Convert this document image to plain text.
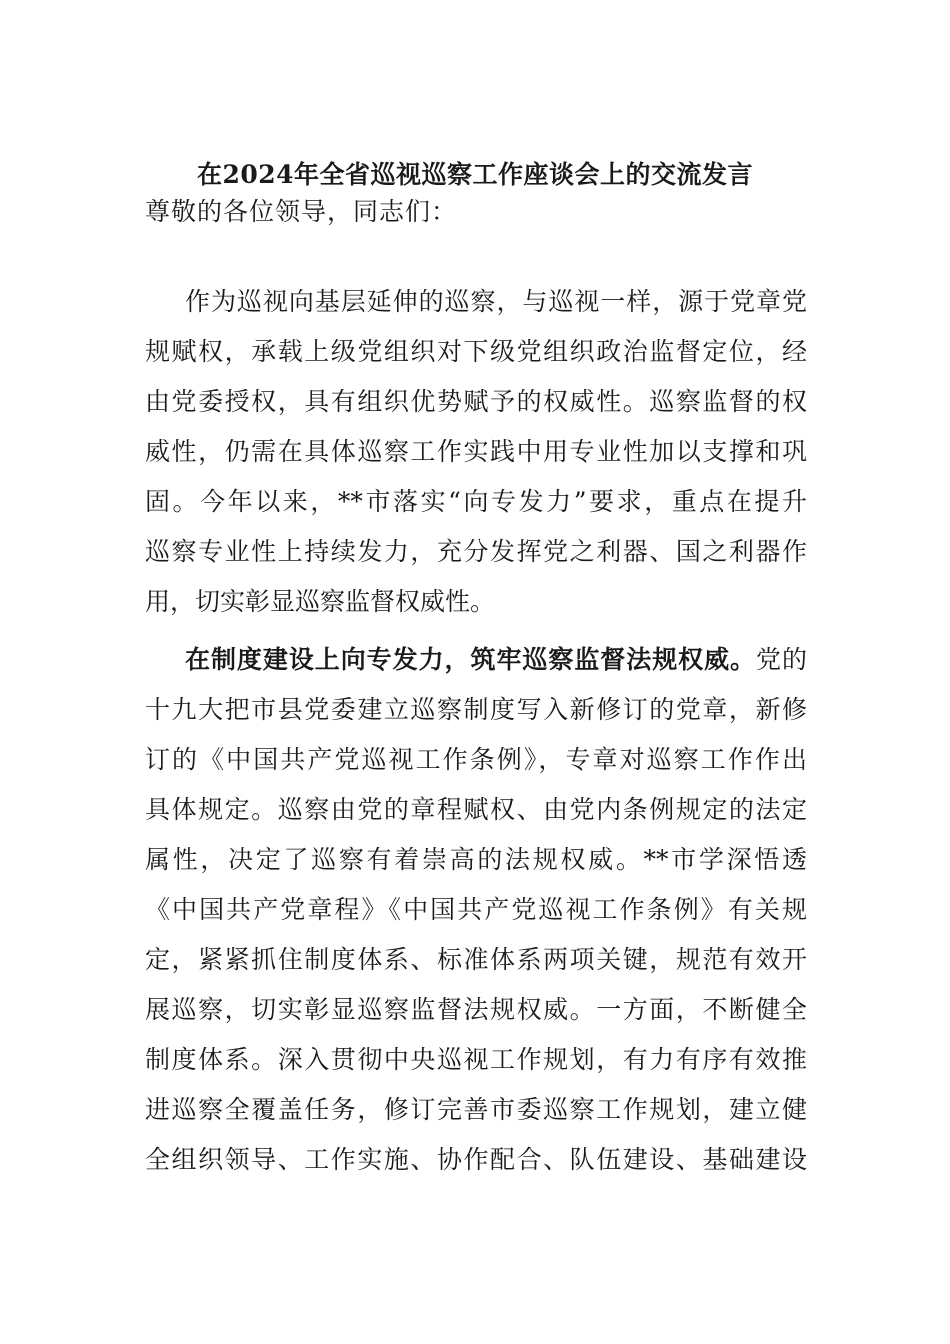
在2024年全省巡视巡察工作座谈会上的交流发言
尊敬的各位领导，同志们：
作为巡视向基层延伸的巡察，与巡视一样，源于党章党
规赋权，承载上级党组织对下级党组织政治监督定位，经
由党委授权，具有组织优势赋予的权威性。巡察监督的权
威性，仍需在具体巡察工作实践中用专业性加以支撑和巩
固。今年以来，**市落实“向专发力”要求，重点在提升
巡察专业性上持续发力，充分发挥党之利器、国之利器作
用，切实彰显巡察监督权威性。
在制度建设上向专发力，筑牢巡察监督法规权威。党的
十九大把市县党委建立巡察制度写入新修订的党章，新修
订的《中国共产党巡视工作条例》，专章对巡察工作作出
具体规定。巡察由党的章程赋权、由党内条例规定的法定
属性，决定了巡察有着崇高的法规权威。**市学深悟透
《中国共产党章程》《中国共产党巡视工作条例》有关规
定，紧紧抓住制度体系、标准体系两项关键，规范有效开
展巡察，切实彰显巡察监督法规权威。一方面，不断健全
制度体系。深入贯彻中央巡视工作规划，有力有序有效推
进巡察全覆盖任务，修订完善市委巡察工作规划，建立健
全组织领导、工作实施、协作配合、队伍建设、基础建设
